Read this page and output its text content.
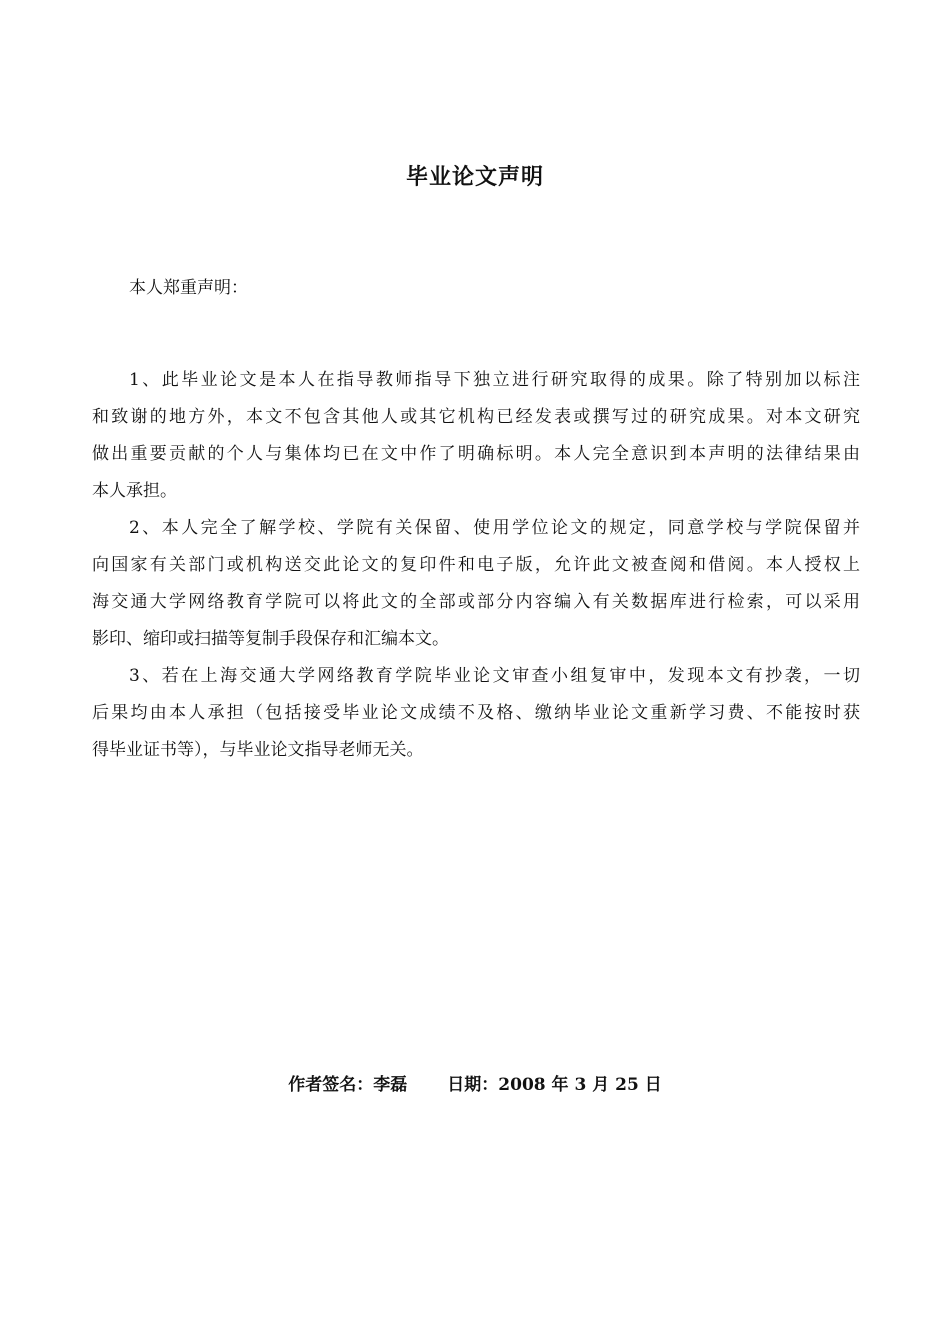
毕业论文声明

本人郑重声明：

1、此毕业论文是本人在指导教师指导下独立进行研究取得的成果。除了特别加以标注
和致谢的地方外，本文不包含其他人或其它机构已经发表或撰写过的研究成果。对本文研究
做出重要贡献的个人与集体均已在文中作了明确标明。本人完全意识到本声明的法律结果由
本人承担。

2、本人完全了解学校、学院有关保留、使用学位论文的规定，同意学校与学院保留并
向国家有关部门或机构送交此论文的复印件和电子版，允许此文被查阅和借阅。本人授权上
海交通大学网络教育学院可以将此文的全部或部分内容编入有关数据库进行检索，可以采用
影印、缩印或扫描等复制手段保存和汇编本文。

3、若在上海交通大学网络教育学院毕业论文审查小组复审中，发现本文有抄袭，一切
后果均由本人承担（包括接受毕业论文成绩不及格、缴纳毕业论文重新学习费、不能按时获
得毕业证书等），与毕业论文指导老师无关。

作者签名：李磊 日期：2008 年 3 月 25 日
